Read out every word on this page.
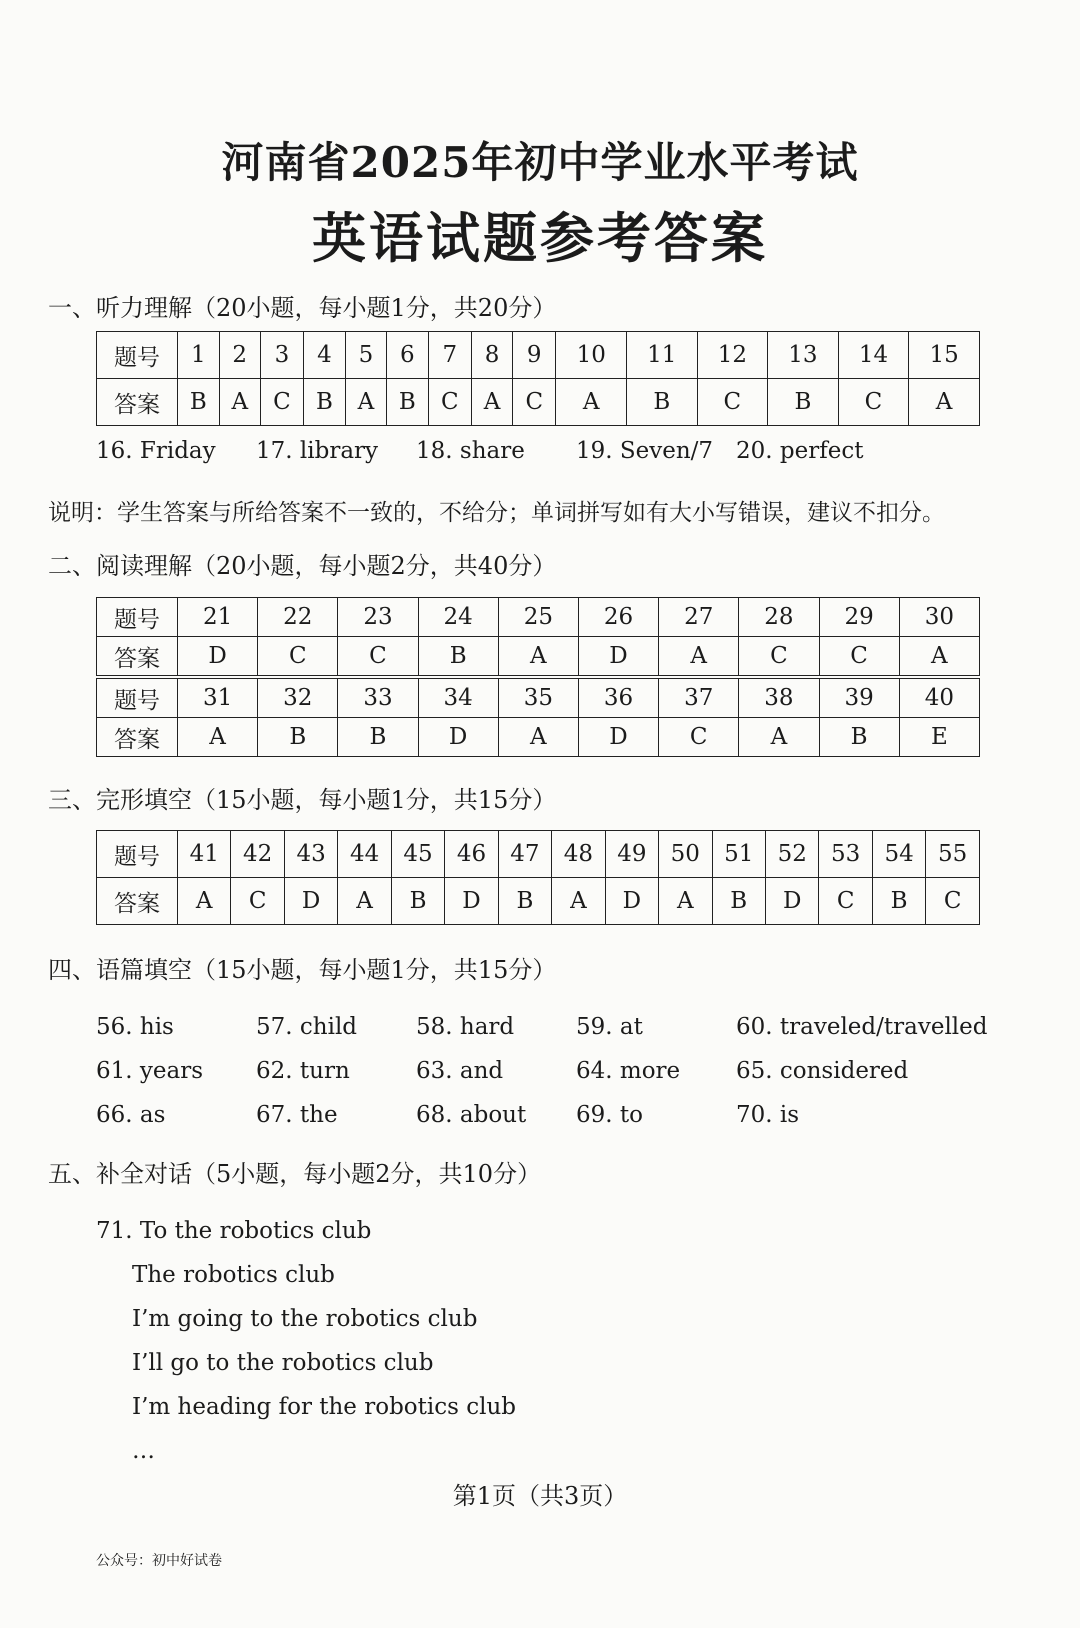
河南省2025年初中学业水平考试
英语试题参考答案
一、听力理解（20小题，每小题1分，共20分）
题号	1	2	3	4	5	6	7	8	9	10	11	12	13	14	15
答案	B	A	C	B	A	B	C	A	C	A	B	C	B	C	A
16. Friday 17. library 18. share 19. Seven/7 20. perfect
说明：学生答案与所给答案不一致的，不给分；单词拼写如有大小写错误，建议不扣分。
二、阅读理解（20小题，每小题2分，共40分）
题号	21	22	23	24	25	26	27	28	29	30
答案	D	C	C	B	A	D	A	C	C	A
题号	31	32	33	34	35	36	37	38	39	40
答案	A	B	B	D	A	D	C	A	B	E
三、完形填空（15小题，每小题1分，共15分）
题号	41	42	43	44	45	46	47	48	49	50	51	52	53	54	55
答案	A	C	D	A	B	D	B	A	D	A	B	D	C	B	C
四、语篇填空（15小题，每小题1分，共15分）
56. his	57. child	58. hard	59. at	60. traveled/travelled
61. years 62. turn	63. and	64. more 65. considered
66. as	67. the	68. about 69. to	70. is
五、补全对话（5小题，每小题2分，共10分）
71. To the robotics club
The robotics club
I’m going to the robotics club
I’ll go to the robotics club
I’m heading for the robotics club
…
第1页（共3页）
公众号：初中好试卷
